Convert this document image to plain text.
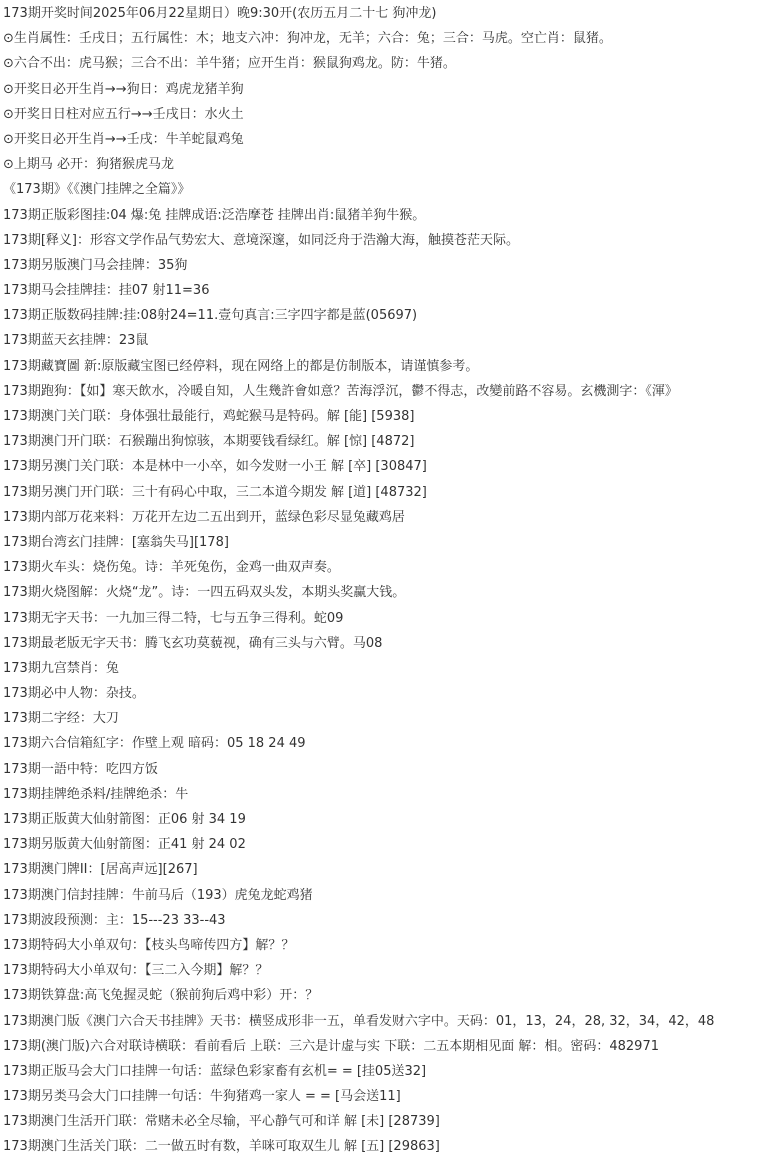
173期开奖时间2025年06月22星期日）晚9:30开(农历五月二十七 狗冲龙)
⊙生肖属性：壬戌日；五行属性：木；地支六冲：狗冲龙，无羊；六合：兔；三合：马虎。空亡肖：鼠猪。
⊙六合不出：虎马猴；三合不出：羊牛猪；应开生肖：猴鼠狗鸡龙。防：牛猪。
⊙开奖日必开生肖→→狗日：鸡虎龙猪羊狗
⊙开奖日日柱对应五行→→壬戌日：水火土
⊙开奖日必开生肖→→壬戌：牛羊蛇鼠鸡兔
⊙上期马 必开：狗猪猴虎马龙
《173期》《《澳门挂牌之全篇》》
173期正版彩图挂:04 爆:兔 挂牌成语:泛浩摩苍 挂牌出肖:鼠猪羊狗牛猴。
173期[释义]：形容文学作品气势宏大、意境深邃，如同泛舟于浩瀚大海，触摸苍茫天际。
173期另版澳门马会挂牌：35狗
173期马会挂牌挂：挂07 射11=36
173期正版数码挂牌:挂:08射24=11.壹句真言:三字四字都是蓝(05697)
173期蓝天玄挂牌：23鼠
173期藏寶圖 新:原版藏宝图已经停料，现在网络上的都是仿制版本，请谨慎参考。
173期跑狗：【如】寒天飲水，冷暖自知，人生幾許會如意？苦海浮沉，鬱不得志，改變前路不容易。玄機測字：《渾》
173期澳门关门联：身体强壮最能行，鸡蛇猴马是特码。解 [能] [5938]
173期澳门开门联：石猴蹦出狗惊骇，本期要钱看绿红。解 [惊] [4872]
173期另澳门关门联：本是林中一小卒，如今发财一小王 解 [卒] [30847]
173期另澳门开门联：三十有码心中取，三二本道今期发 解 [道] [48732]
173期内部万花来料：万花开左边二五出到开，蓝绿色彩尽显兔藏鸡居
173期台湾玄门挂牌：[塞翁失马][178]
173期火车头：烧伤兔。诗：羊死兔伤，金鸡一曲双声奏。
173期火烧图解：火烧“龙”。诗：一四五码双头发，本期头奖赢大钱。
173期无字天书：一九加三得二特，七与五争三得利。蛇09
173期最老版无字天书：腾飞玄功莫藐视，确有三头与六臂。马08
173期九宫禁肖：兔
173期必中人物：杂技。
173期二字经：大刀
173期六合信箱紅字：作壁上观 暗码：05 18 24 49
173期一語中特：吃四方饭
173期挂牌绝杀料/挂牌绝杀：牛
173期正版黄大仙射箭图：正06 射 34 19
173期另版黄大仙射箭图：正41 射 24 02
173期澳门牌II：[居高声远][267]
173期澳门信封挂牌：牛前马后（193）虎兔龙蛇鸡猪
173期波段预测：主：15---23 33--43
173期特码大小单双句：【枝头鸟啼传四方】解？？
173期特码大小单双句：【三二入今期】解？？
173期铁算盘:高飞兔握灵蛇（猴前狗后鸡中彩）开：？
173期澳门版《澳门六合天书挂牌》天书：横竖成形非一五，单看发财六字中。天码：01，13，24，28, 32，34，42，48
173期(澳门版)六合对联诗横联：看前看后 上联：三六是计虚与实 下联：二五本期相见面 解：相。密码：482971
173期正版马会大门口挂牌一句话：蓝绿色彩家畜有玄机= = [挂05送32]
173期另类马会大门口挂牌一句话：牛狗猪鸡一家人 = = [马会送11]
173期澳门生活开门联：常赌未必全尽输，平心静气可和详 解 [未] [28739]
173期澳门生活关门联：二一做五时有数，羊咪可取双生儿 解 [五] [29863]
